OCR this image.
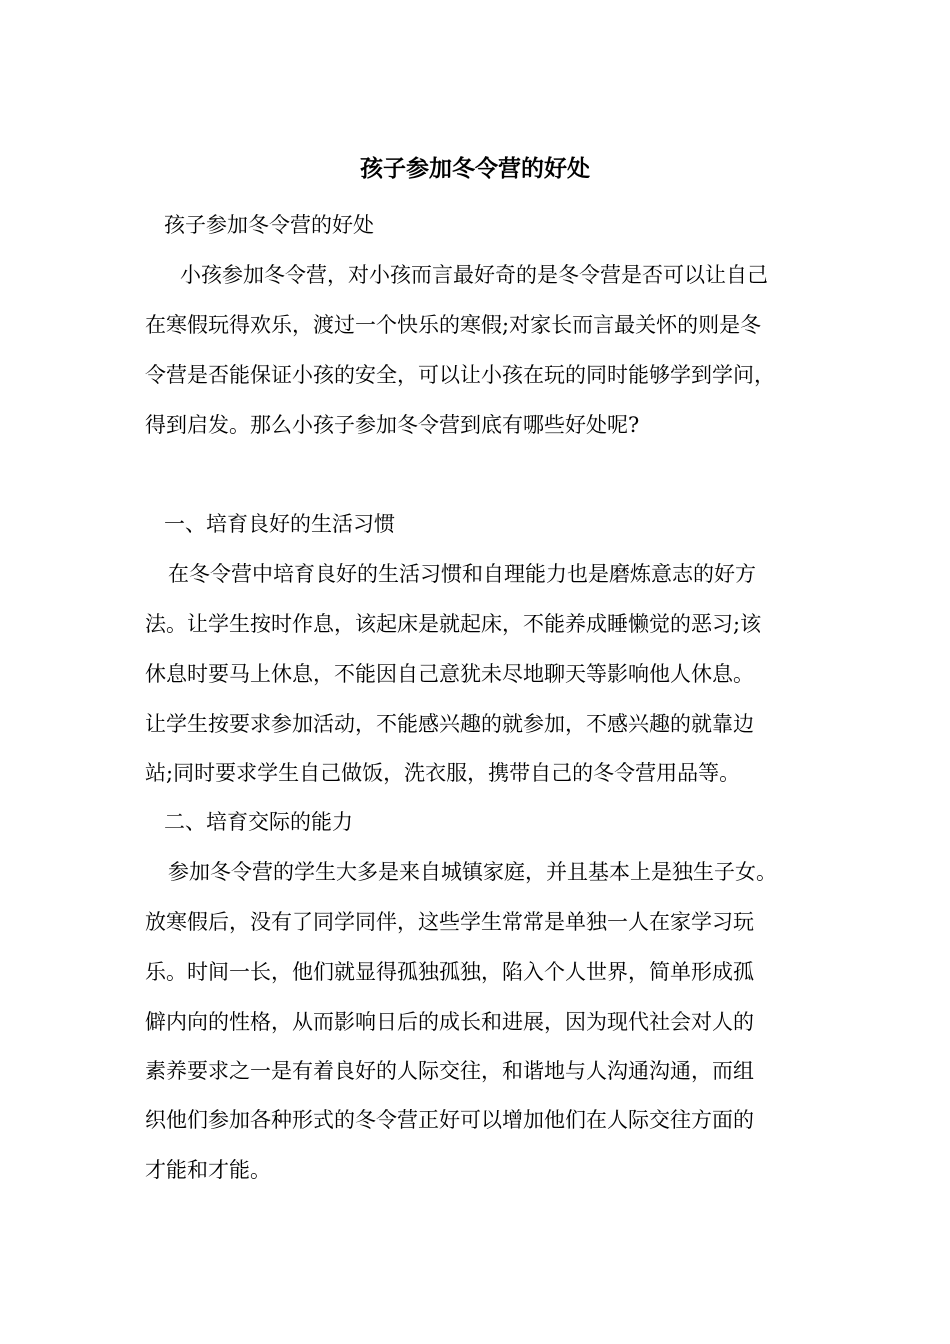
孩子参加冬令营的好处
孩子参加冬令营的好处
小孩参加冬令营，对小孩而言最好奇的是冬令营是否可以让自己
在寒假玩得欢乐，渡过一个快乐的寒假;对家长而言最关怀的则是冬
令营是否能保证小孩的安全，可以让小孩在玩的同时能够学到学问，
得到启发。那么小孩子参加冬令营到底有哪些好处呢?
一、培育良好的生活习惯
在冬令营中培育良好的生活习惯和自理能力也是磨炼意志的好方
法。让学生按时作息，该起床是就起床，不能养成睡懒觉的恶习;该
休息时要马上休息，不能因自己意犹未尽地聊天等影响他人休息。
让学生按要求参加活动，不能感兴趣的就参加，不感兴趣的就靠边
站;同时要求学生自己做饭，洗衣服，携带自己的冬令营用品等。
二、培育交际的能力
参加冬令营的学生大多是来自城镇家庭，并且基本上是独生子女。
放寒假后，没有了同学同伴，这些学生常常是单独一人在家学习玩
乐。时间一长，他们就显得孤独孤独，陷入个人世界，简单形成孤
僻内向的性格，从而影响日后的成长和进展，因为现代社会对人的
素养要求之一是有着良好的人际交往，和谐地与人沟通沟通，而组
织他们参加各种形式的冬令营正好可以增加他们在人际交往方面的
才能和才能。
